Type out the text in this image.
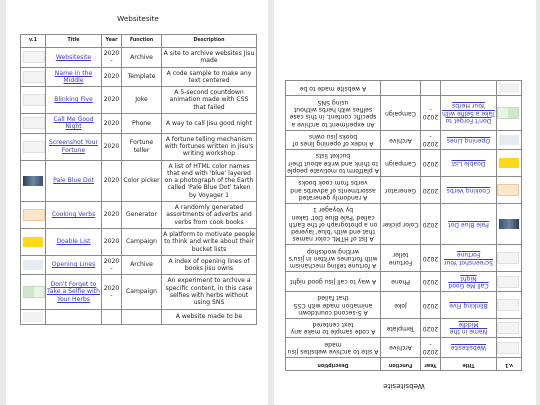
Websitesite
v.1	Title	Year	Function	Description

	Websitesite	2020-	Archive	A site to archive websites Jisu made

	Name in the Middle	2020	Template	A code sample to make any text centered

	Blinking Five	2020	Joke	A 5-second countdown animation made with CSS that failed

	Call Me Good Night	2020	Phone	A way to call Jisu good night

	Screenshot Your Fortune	2020	Fortune teller	A fortune telling mechanism with fortunes written in Jisu's writing workshop

	Pale Blue Dot	2020	Color picker	A list of HTML color names that end with 'blue' layered on a photograph of the Earth called 'Pale Blue Dot' taken by Voyager 1

	Cooking Verbs	2020	Generator	A randomly generated assortments of adverbs and verbs from cook books

	Doable List	2020	Campaign	A platform to motivate people to think and write about their bucket lists

	Opening Lines	2020-	Archive	A index of opening lines of books Jisu owns

	Don't Forget to Take a Selfie with Your Herbs	2020-	Campaign	An experiment to archive a specific content, in this case selfies with herbs without using SNS

				A website made to be
Websitesite
v.1	Title	Year	Function	Description

	Websitesite	2020-	Archive	A site to archive websites Jisu made

	Name in the Middle	2020	Template	A code sample to make any text centered

	Blinking Five	2020	Joke	A 5-second countdown animation made with CSS that failed

	Call Me Good Night	2020	Phone	A way to call Jisu good night

	Screenshot Your Fortune	2020	Fortune teller	A fortune telling mechanism with fortunes written in Jisu's writing workshop

	Pale Blue Dot	2020	Color picker	A list of HTML color names that end with 'blue' layered on a photograph of the Earth called 'Pale Blue Dot' taken by Voyager 1

	Cooking Verbs	2020	Generator	A randomly generated assortments of adverbs and verbs from cook books

	Doable List	2020	Campaign	A platform to motivate people to think and write about their bucket lists

	Opening Lines	2020-	Archive	A index of opening lines of books Jisu owns

	Don't Forget to Take a Selfie with Your Herbs	2020-	Campaign	An experiment to archive a specific content, in this case selfies with herbs without using SNS

				A website made to be
